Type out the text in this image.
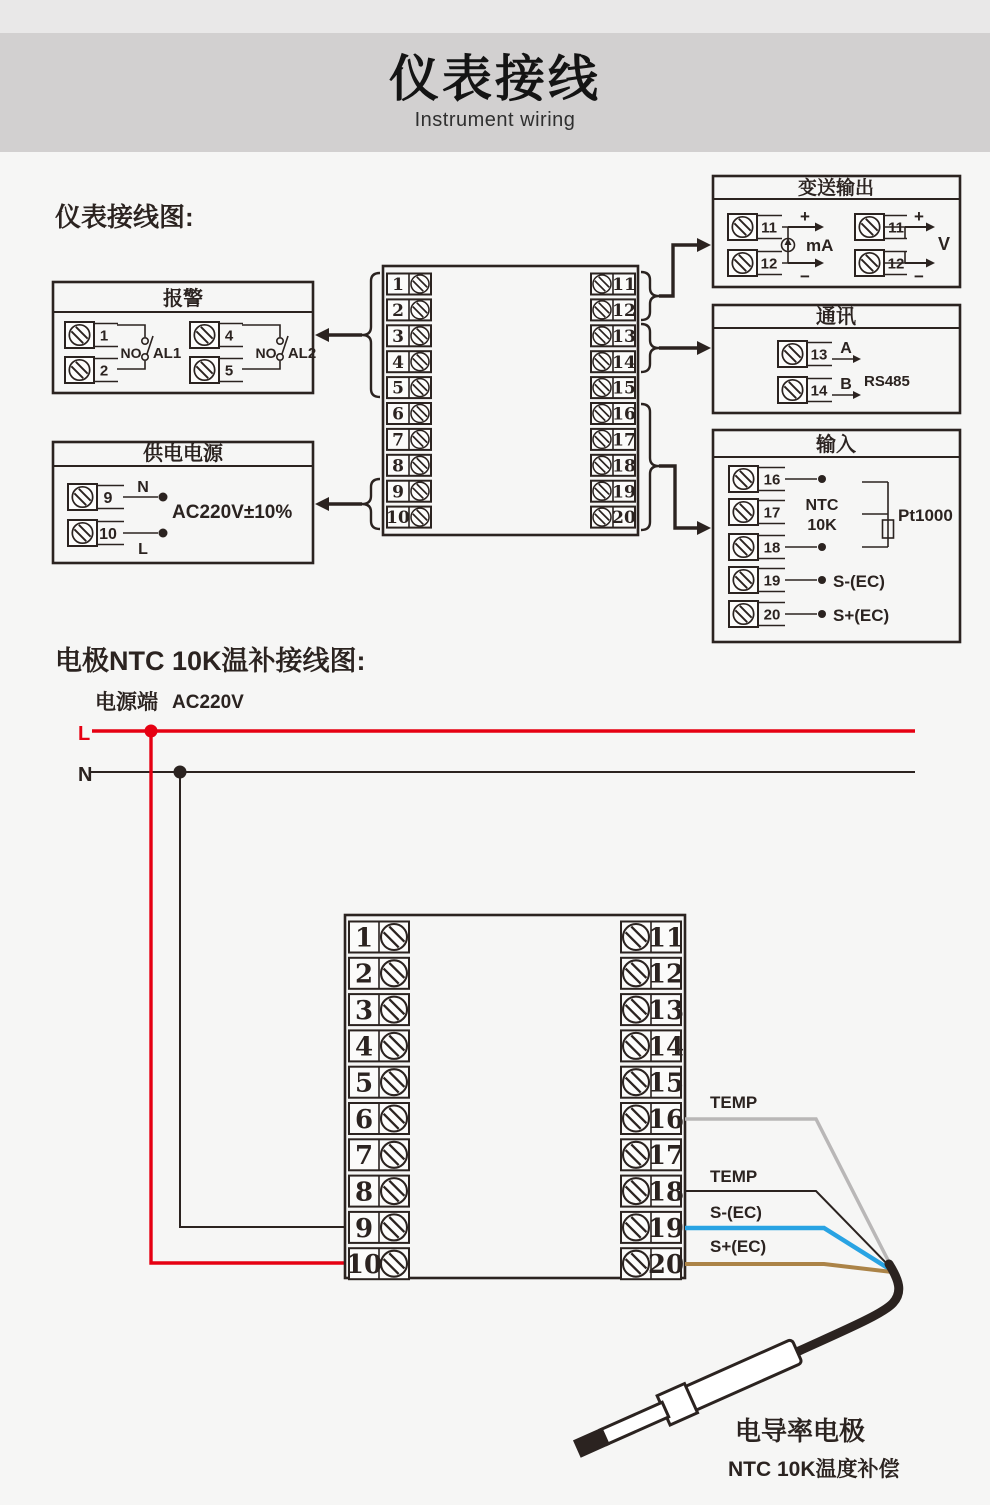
仪表接线
Instrument wiring
仪表接线图:
报警
1
2
4
5
NO AL1	NO AL2
供电电源
9
10
N
L
AC220V±10%
变送输出
11
12
11
12
+
−
mA
+
−
V
通讯
13
14
A
B RS485
输入
16
17
18
19
20
NTC
10K
Pt1000
S-(EC)
S+(EC)
1
2
3
4
5
6
7
8
9
10
11
12
13
14
15
16
17
18
19
20
电极NTC 10K温补接线图:
电源端 AC220V
L
N
1
2
3
4
5
6
7
8
9
10
11
12
13
14
15
16
17
18
19
20
TEMP
TEMP
S-(EC)
S+(EC)
电导率电极
NTC 10K温度补偿
